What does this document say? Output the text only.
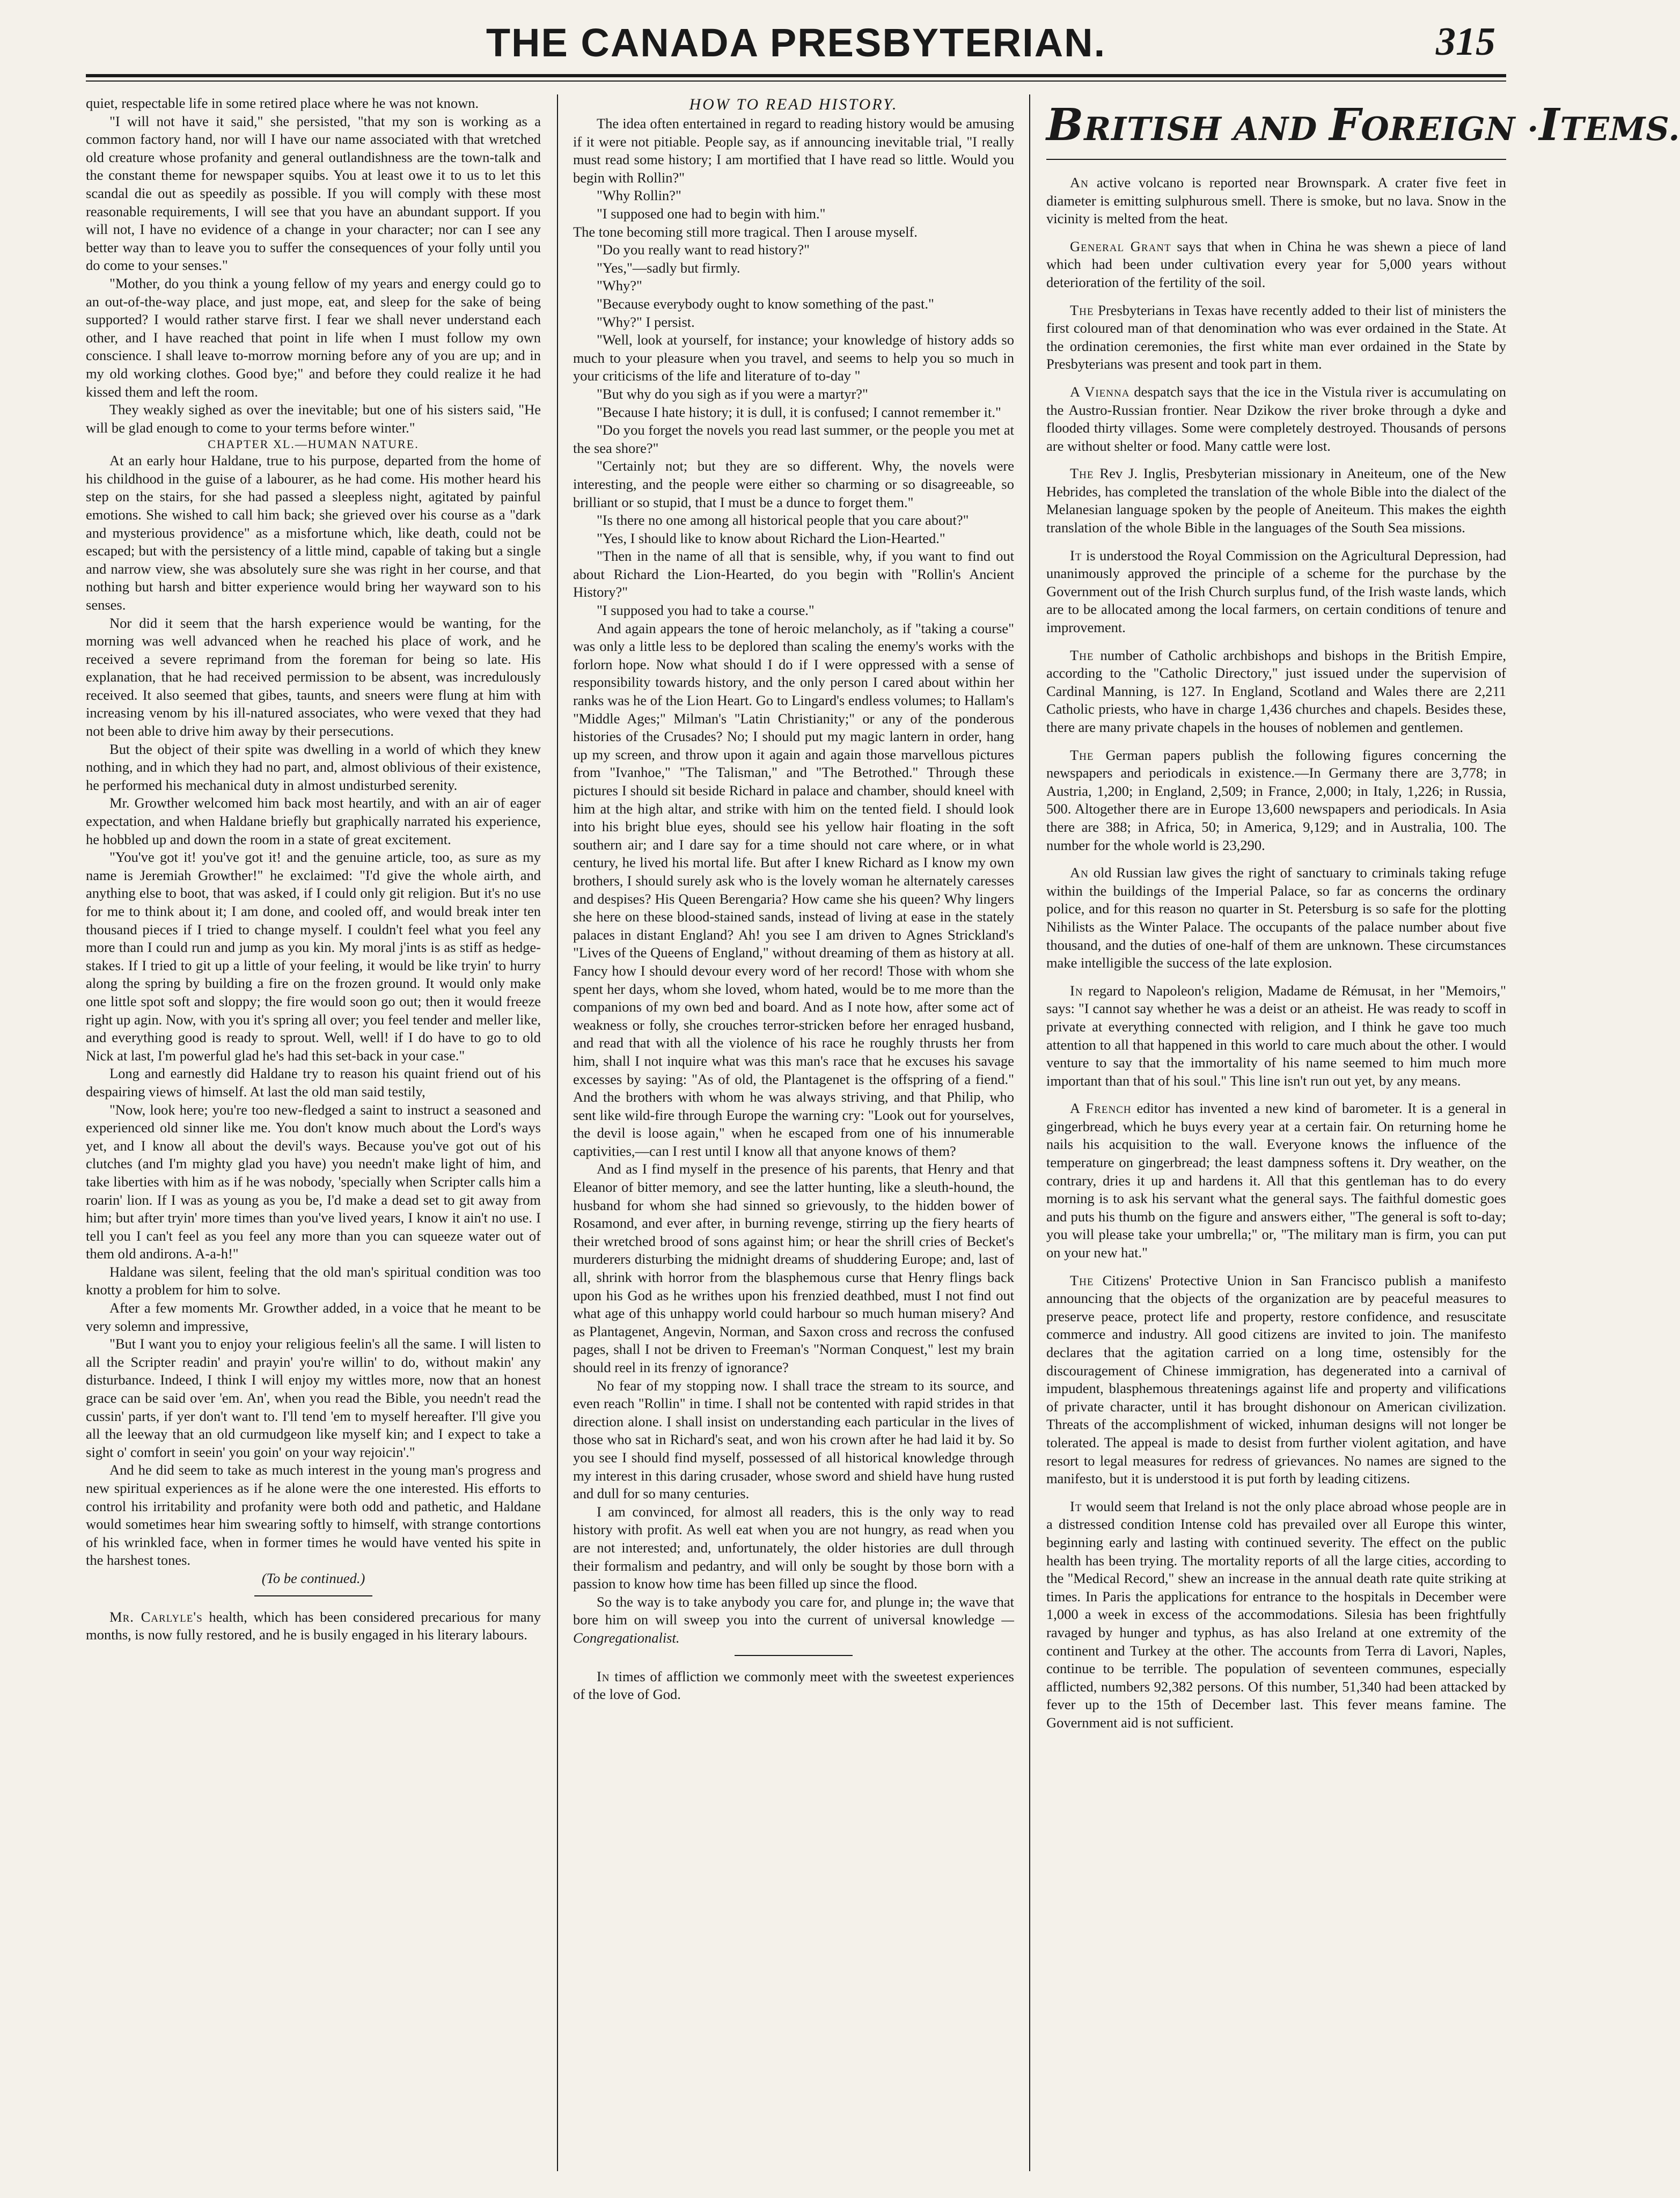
THE CANADA PRESBYTERIAN.	315

quiet, respectable life in some retired place where he was not known.

"I will not have it said," she persisted, "that my son is working as a common factory hand, nor will I have our name associated with that wretched old creature whose profanity and general outlandishness are the town-talk and the constant theme for newspaper squibs. You at least owe it to us to let this scandal die out as speedily as possible. If you will comply with these most reasonable requirements, I will see that you have an abundant support. If you will not, I have no evidence of a change in your character; nor can I see any better way than to leave you to suffer the consequences of your folly until you do come to your senses."

"Mother, do you think a young fellow of my years and energy could go to an out-of-the-way place, and just mope, eat, and sleep for the sake of being supported? I would rather starve first. I fear we shall never understand each other, and I have reached that point in life when I must follow my own conscience. I shall leave to-morrow morning before any of you are up; and in my old working clothes. Good bye;" and before they could realize it he had kissed them and left the room.

They weakly sighed as over the inevitable; but one of his sisters said, "He will be glad enough to come to your terms before winter."

CHAPTER XL.—HUMAN NATURE.

At an early hour Haldane, true to his purpose, departed from the home of his childhood in the guise of a labourer, as he had come. His mother heard his step on the stairs, for she had passed a sleepless night, agitated by painful emotions. She wished to call him back; she grieved over his course as a "dark and mysterious providence" as a misfortune which, like death, could not be escaped; but with the persistency of a little mind, capable of taking but a single and narrow view, she was absolutely sure she was right in her course, and that nothing but harsh and bitter experience would bring her wayward son to his senses.

Nor did it seem that the harsh experience would be wanting, for the morning was well advanced when he reached his place of work, and he received a severe reprimand from the foreman for being so late. His explanation, that he had received permission to be absent, was incredulously received. It also seemed that gibes, taunts, and sneers were flung at him with increasing venom by his ill-natured associates, who were vexed that they had not been able to drive him away by their persecutions.

But the object of their spite was dwelling in a world of which they knew nothing, and in which they had no part, and, almost oblivious of their existence, he performed his mechanical duty in almost undisturbed serenity.

Mr. Growther welcomed him back most heartily, and with an air of eager expectation, and when Haldane briefly but graphically narrated his experience, he hobbled up and down the room in a state of great excitement.

"You've got it! you've got it! and the genuine article, too, as sure as my name is Jeremiah Growther!" he exclaimed: "I'd give the whole airth, and anything else to boot, that was asked, if I could only git religion. But it's no use for me to think about it; I am done, and cooled off, and would break inter ten thousand pieces if I tried to change myself. I couldn't feel what you feel any more than I could run and jump as you kin. My moral j'ints is as stiff as hedge-stakes. If I tried to git up a little of your feeling, it would be like tryin' to hurry along the spring by building a fire on the frozen ground. It would only make one little spot soft and sloppy; the fire would soon go out; then it would freeze right up agin. Now, with you it's spring all over; you feel tender and meller like, and everything good is ready to sprout. Well, well! if I do have to go to old Nick at last, I'm powerful glad he's had this set-back in your case."

Long and earnestly did Haldane try to reason his quaint friend out of his despairing views of himself. At last the old man said testily,

"Now, look here; you're too new-fledged a saint to instruct a seasoned and experienced old sinner like me. You don't know much about the Lord's ways yet, and I know all about the devil's ways. Because you've got out of his clutches (and I'm mighty glad you have) you needn't make light of him, and take liberties with him as if he was nobody, 'specially when Scripter calls him a roarin' lion. If I was as young as you be, I'd make a dead set to git away from him; but after tryin' more times than you've lived years, I know it ain't no use. I tell you I can't feel as you feel any more than you can squeeze water out of them old andirons. A-a-h!"

Haldane was silent, feeling that the old man's spiritual condition was too knotty a problem for him to solve.

After a few moments Mr. Growther added, in a voice that he meant to be very solemn and impressive,

"But I want you to enjoy your religious feelin's all the same. I will listen to all the Scripter readin' and prayin' you're willin' to do, without makin' any disturbance. Indeed, I think I will enjoy my wittles more, now that an honest grace can be said over 'em. An', when you read the Bible, you needn't read the cussin' parts, if yer don't want to. I'll tend 'em to myself hereafter. I'll give you all the leeway that an old curmudgeon like myself kin; and I expect to take a sight o' comfort in seein' you goin' on your way rejoicin'."

And he did seem to take as much interest in the young man's progress and new spiritual experiences as if he alone were the one interested. His efforts to control his irritability and profanity were both odd and pathetic, and Haldane would sometimes hear him swearing softly to himself, with strange contortions of his wrinkled face, when in former times he would have vented his spite in the harshest tones.

(To be continued.)

Mr. Carlyle's health, which has been considered precarious for many months, is now fully restored, and he is busily engaged in his literary labours.

HOW TO READ HISTORY.

The idea often entertained in regard to reading history would be amusing if it were not pitiable. People say, as if announcing inevitable trial, "I really must read some history; I am mortified that I have read so little. Would you begin with Rollin?"

"Why Rollin?"

"I supposed one had to begin with him."

The tone becoming still more tragical. Then I arouse myself.

"Do you really want to read history?"

"Yes,"—sadly but firmly.

"Why?"

"Because everybody ought to know something of the past."

"Why?" I persist.

"Well, look at yourself, for instance; your knowledge of history adds so much to your pleasure when you travel, and seems to help you so much in your criticisms of the life and literature of to-day "

"But why do you sigh as if you were a martyr?"

"Because I hate history; it is dull, it is confused; I cannot remember it."

"Do you forget the novels you read last summer, or the people you met at the sea shore?"

"Certainly not; but they are so different. Why, the novels were interesting, and the people were either so charming or so disagreeable, so brilliant or so stupid, that I must be a dunce to forget them."

"Is there no one among all historical people that you care about?"

"Yes, I should like to know about Richard the Lion-Hearted."

"Then in the name of all that is sensible, why, if you want to find out about Richard the Lion-Hearted, do you begin with "Rollin's Ancient History?"

"I supposed you had to take a course."

And again appears the tone of heroic melancholy, as if "taking a course" was only a little less to be deplored than scaling the enemy's works with the forlorn hope. Now what should I do if I were oppressed with a sense of responsibility towards history, and the only person I cared about within her ranks was he of the Lion Heart. Go to Lingard's endless volumes; to Hallam's "Middle Ages;" Milman's "Latin Christianity;" or any of the ponderous histories of the Crusades? No; I should put my magic lantern in order, hang up my screen, and throw upon it again and again those marvellous pictures from "Ivanhoe," "The Talisman," and "The Betrothed." Through these pictures I should sit beside Richard in palace and chamber, should kneel with him at the high altar, and strike with him on the tented field. I should look into his bright blue eyes, should see his yellow hair floating in the soft southern air; and I dare say for a time should not care where, or in what century, he lived his mortal life. But after I knew Richard as I know my own brothers, I should surely ask who is the lovely woman he alternately caresses and despises? His Queen Berengaria? How came she his queen? Why lingers she here on these blood-stained sands, instead of living at ease in the stately palaces in distant England? Ah! you see I am driven to Agnes Strickland's "Lives of the Queens of England," without dreaming of them as history at all. Fancy how I should devour every word of her record! Those with whom she spent her days, whom she loved, whom hated, would be to me more than the companions of my own bed and board. And as I note how, after some act of weakness or folly, she crouches terror-stricken before her enraged husband, and read that with all the violence of his race he roughly thrusts her from him, shall I not inquire what was this man's race that he excuses his savage excesses by saying: "As of old, the Plantagenet is the offspring of a fiend." And the brothers with whom he was always striving, and that Philip, who sent like wild-fire through Europe the warning cry: "Look out for yourselves, the devil is loose again," when he escaped from one of his innumerable captivities,—can I rest until I know all that anyone knows of them?

And as I find myself in the presence of his parents, that Henry and that Eleanor of bitter memory, and see the latter hunting, like a sleuth-hound, the husband for whom she had sinned so grievously, to the hidden bower of Rosamond, and ever after, in burning revenge, stirring up the fiery hearts of their wretched brood of sons against him; or hear the shrill cries of Becket's murderers disturbing the midnight dreams of shuddering Europe; and, last of all, shrink with horror from the blasphemous curse that Henry flings back upon his God as he writhes upon his frenzied deathbed, must I not find out what age of this unhappy world could harbour so much human misery? And as Plantagenet, Angevin, Norman, and Saxon cross and recross the confused pages, shall I not be driven to Freeman's "Norman Conquest," lest my brain should reel in its frenzy of ignorance?

No fear of my stopping now. I shall trace the stream to its source, and even reach "Rollin" in time. I shall not be contented with rapid strides in that direction alone. I shall insist on understanding each particular in the lives of those who sat in Richard's seat, and won his crown after he had laid it by. So you see I should find myself, possessed of all historical knowledge through my interest in this daring crusader, whose sword and shield have hung rusted and dull for so many centuries.

I am convinced, for almost all readers, this is the only way to read history with profit. As well eat when you are not hungry, as read when you are not interested; and, unfortunately, the older histories are dull through their formalism and pedantry, and will only be sought by those born with a passion to know how time has been filled up since the flood.

So the way is to take anybody you care for, and plunge in; the wave that bore him on will sweep you into the current of universal knowledge —Congregationalist.

In times of affliction we commonly meet with the sweetest experiences of the love of God.

BRITISH AND FOREIGN ·ITEMS.

An active volcano is reported near Brownspark. A crater five feet in diameter is emitting sulphurous smell. There is smoke, but no lava. Snow in the vicinity is melted from the heat.

General Grant says that when in China he was shewn a piece of land which had been under cultivation every year for 5,000 years without deterioration of the fertility of the soil.

The Presbyterians in Texas have recently added to their list of ministers the first coloured man of that denomination who was ever ordained in the State. At the ordination ceremonies, the first white man ever ordained in the State by Presbyterians was present and took part in them.

A Vienna despatch says that the ice in the Vistula river is accumulating on the Austro-Russian frontier. Near Dzikow the river broke through a dyke and flooded thirty villages. Some were completely destroyed. Thousands of persons are without shelter or food. Many cattle were lost.

The Rev J. Inglis, Presbyterian missionary in Aneiteum, one of the New Hebrides, has completed the translation of the whole Bible into the dialect of the Melanesian language spoken by the people of Aneiteum. This makes the eighth translation of the whole Bible in the languages of the South Sea missions.

It is understood the Royal Commission on the Agricultural Depression, had unanimously approved the principle of a scheme for the purchase by the Government out of the Irish Church surplus fund, of the Irish waste lands, which are to be allocated among the local farmers, on certain conditions of tenure and improvement.

The number of Catholic archbishops and bishops in the British Empire, according to the "Catholic Directory," just issued under the supervision of Cardinal Manning, is 127. In England, Scotland and Wales there are 2,211 Catholic priests, who have in charge 1,436 churches and chapels. Besides these, there are many private chapels in the houses of noblemen and gentlemen.

The German papers publish the following figures concerning the newspapers and periodicals in existence.—In Germany there are 3,778; in Austria, 1,200; in England, 2,509; in France, 2,000; in Italy, 1,226; in Russia, 500. Altogether there are in Europe 13,600 newspapers and periodicals. In Asia there are 388; in Africa, 50; in America, 9,129; and in Australia, 100. The number for the whole world is 23,290.

An old Russian law gives the right of sanctuary to criminals taking refuge within the buildings of the Imperial Palace, so far as concerns the ordinary police, and for this reason no quarter in St. Petersburg is so safe for the plotting Nihilists as the Winter Palace. The occupants of the palace number about five thousand, and the duties of one-half of them are unknown. These circumstances make intelligible the success of the late explosion.

In regard to Napoleon's religion, Madame de Rémusat, in her "Memoirs," says: "I cannot say whether he was a deist or an atheist. He was ready to scoff in private at everything connected with religion, and I think he gave too much attention to all that happened in this world to care much about the other. I would venture to say that the immortality of his name seemed to him much more important than that of his soul." This line isn't run out yet, by any means.

A French editor has invented a new kind of barometer. It is a general in gingerbread, which he buys every year at a certain fair. On returning home he nails his acquisition to the wall. Everyone knows the influence of the temperature on gingerbread; the least dampness softens it. Dry weather, on the contrary, dries it up and hardens it. All that this gentleman has to do every morning is to ask his servant what the general says. The faithful domestic goes and puts his thumb on the figure and answers either, "The general is soft to-day; you will please take your umbrella;" or, "The military man is firm, you can put on your new hat."

The Citizens' Protective Union in San Francisco publish a manifesto announcing that the objects of the organization are by peaceful measures to preserve peace, protect life and property, restore confidence, and resuscitate commerce and industry. All good citizens are invited to join. The manifesto declares that the agitation carried on a long time, ostensibly for the discouragement of Chinese immigration, has degenerated into a carnival of impudent, blasphemous threatenings against life and property and vilifications of private character, until it has brought dishonour on American civilization. Threats of the accomplishment of wicked, inhuman designs will not longer be tolerated. The appeal is made to desist from further violent agitation, and have resort to legal measures for redress of grievances. No names are signed to the manifesto, but it is understood it is put forth by leading citizens.

It would seem that Ireland is not the only place abroad whose people are in a distressed condition Intense cold has prevailed over all Europe this winter, beginning early and lasting with continued severity. The effect on the public health has been trying. The mortality reports of all the large cities, according to the "Medical Record," shew an increase in the annual death rate quite striking at times. In Paris the applications for entrance to the hospitals in December were 1,000 a week in excess of the accommodations. Silesia has been frightfully ravaged by hunger and typhus, as has also Ireland at one extremity of the continent and Turkey at the other. The accounts from Terra di Lavori, Naples, continue to be terrible. The population of seventeen communes, especially afflicted, numbers 92,382 persons. Of this number, 51,340 had been attacked by fever up to the 15th of December last. This fever means famine. The Government aid is not sufficient.
